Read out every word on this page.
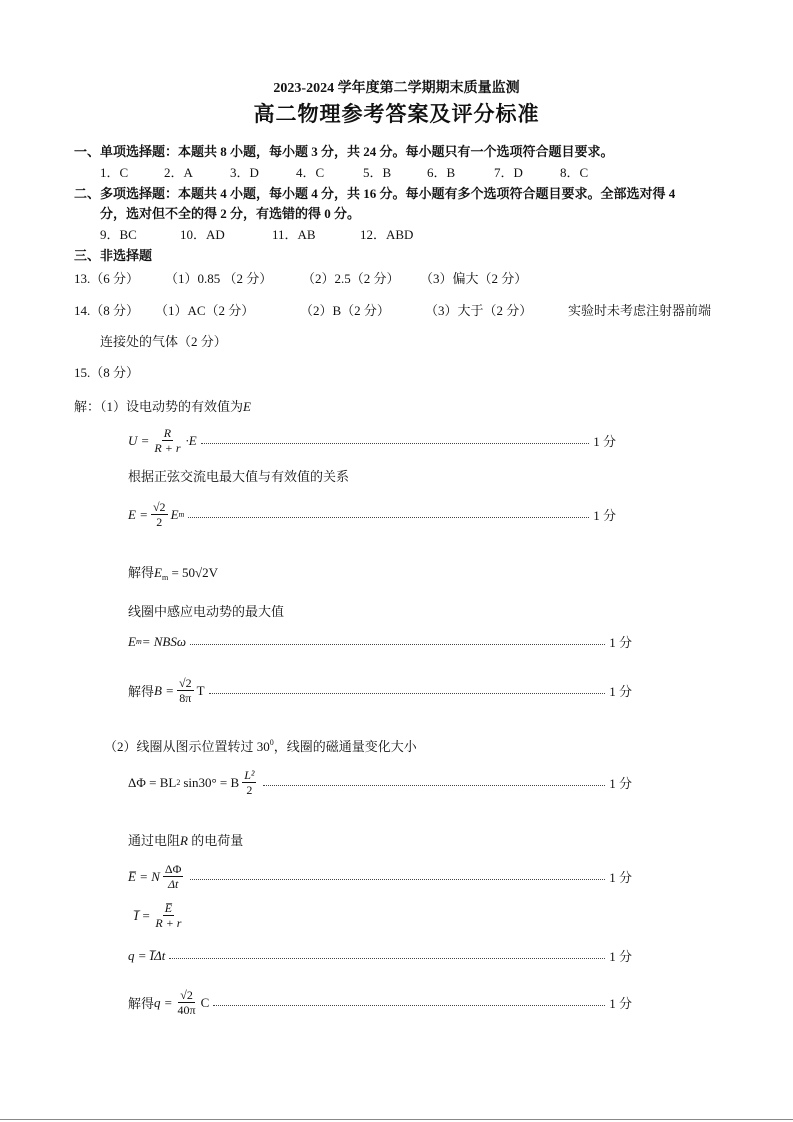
2023-2024 学年度第二学期期末质量监测
高二物理参考答案及评分标准
一、单项选择题：本题共 8 小题，每小题 3 分，共 24 分。每小题只有一个选项符合题目要求。
1．C	2．A	3．D	4．C	5．B	6．B	7．D	8．C
二、多项选择题：本题共 4 小题，每小题 4 分，共 16 分。每小题有多个选项符合题目要求。全部选对得 4
分，选对但不全的得 2 分，有选错的得 0 分。
9．BC	10．AD	11．AB	12．ABD
三、非选择题
13.（6 分） （1）0.85 （2 分） （2）2.5（2 分） （3）偏大（2 分）
14.（8 分） （1）AC（2 分）	（2）B（2 分）	（3）大于（2 分）	实验时未考虑注射器前端
连接处的气体（2 分）
15.（8 分）
解：（1）设电动势的有效值为E
$U = \frac{R}{R + r} \cdot E$	1 分
根据正弦交流电最大值与有效值的关系
$E = \frac{√2}{2}$ E m	1 分
解得$E_m = 50√2V$
线圈中感应电动势的最大值
E m = NBSω	1 分
解得 $B = \frac{√2}{8\pi}$ T	1 分
（2）线圈从图示位置转过 $30^0$，线圈的磁通量变化大小
ΔΦ = BL 2 sin30° = B $\frac{\text{L²}}{2}$	1 分
通过电阻R 的电荷量
E̅ = N $\frac{\Delta\Phi}{\Delta t}$	1 分
I̅ = $\frac{E̅}{R + r}$
q = I̅Δt	1 分
解得 $q = \frac{√2}{40\pi}$ C	1 分
